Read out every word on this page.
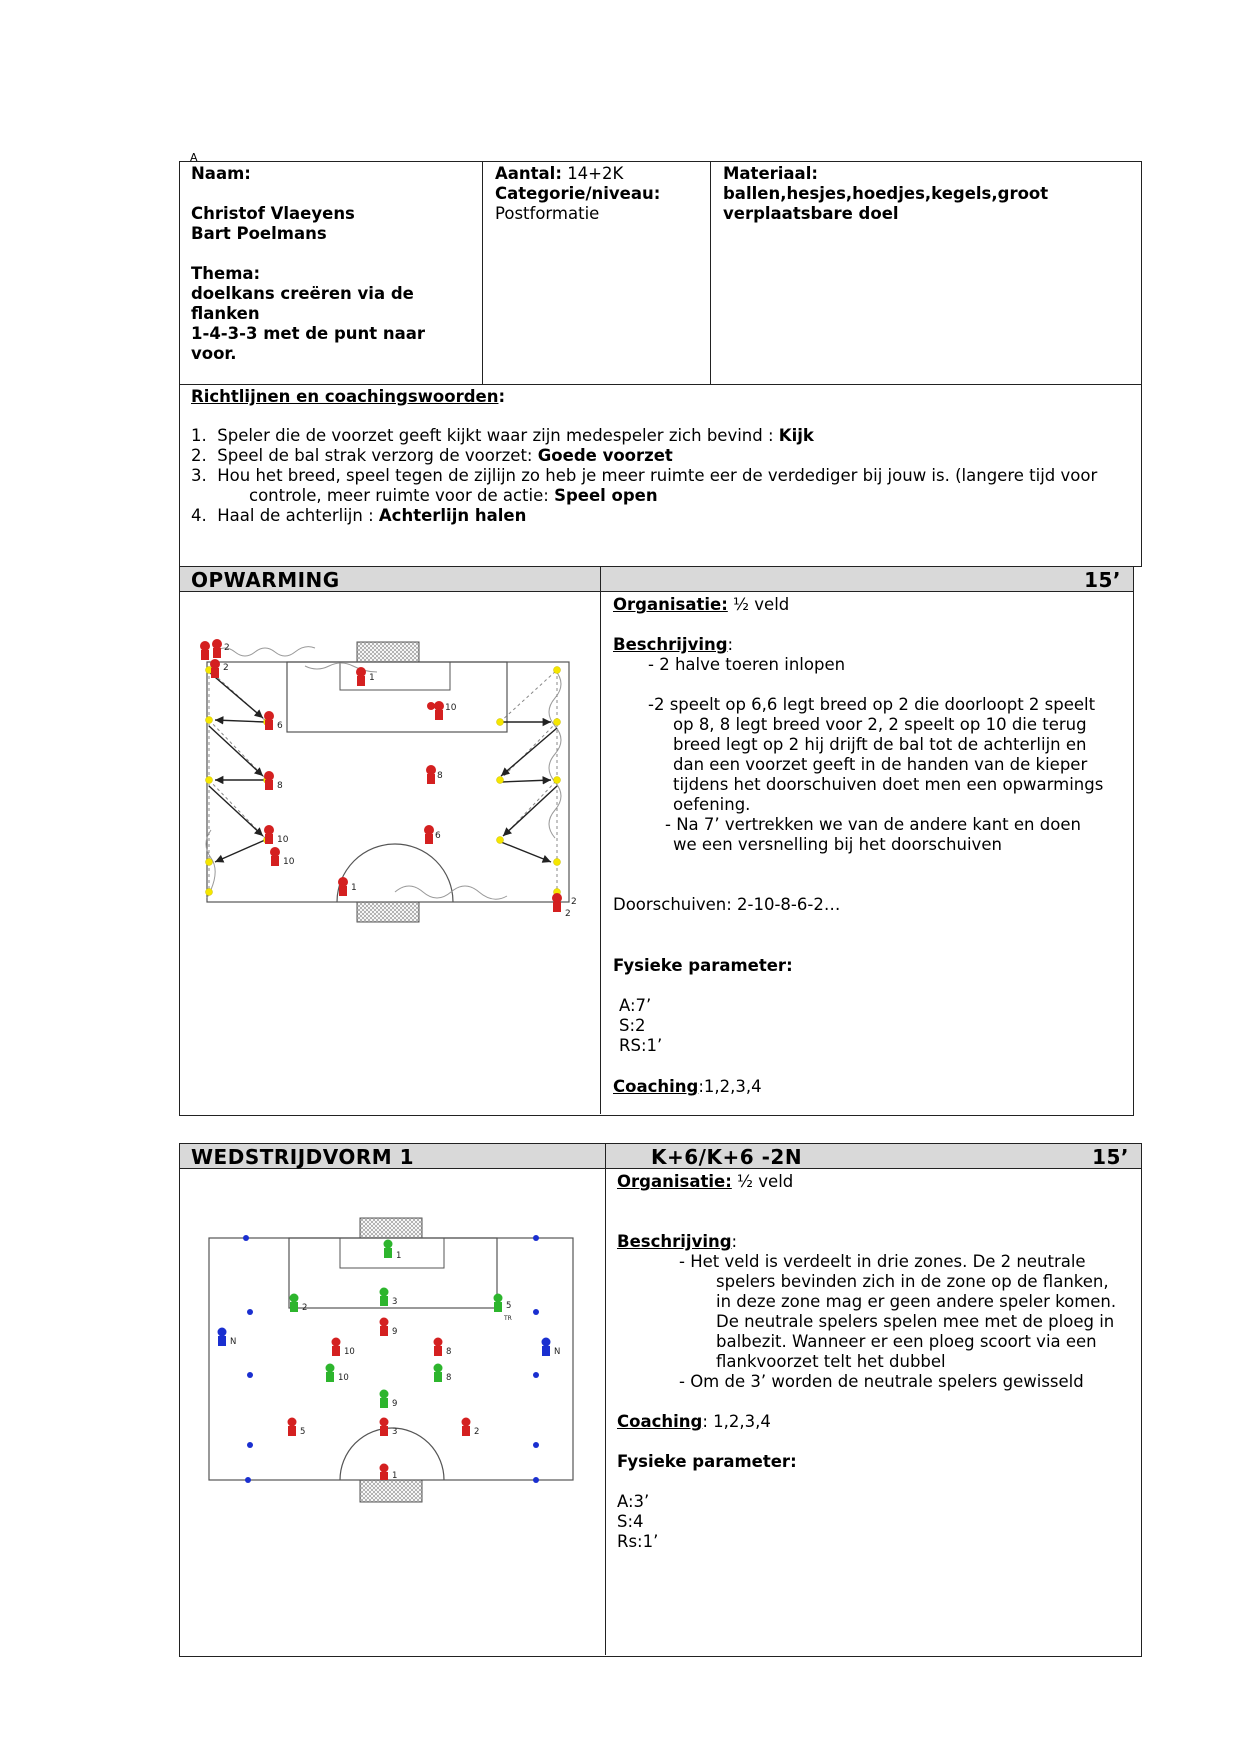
A
Naam:
Christof Vlaeyens
Bart Poelmans
Thema:
doelkans creëren via de
flanken
1-4-3-3 met de punt naar
voor.
Aantal: 14+2K
Categorie/niveau:
Postformatie
Materiaal:
ballen,hesjes,hoedjes,kegels,groot
verplaatsbare doel
Richtlijnen en coachingswoorden:
1. Speler die de voorzet geeft kijkt waar zijn medespeler zich bevind : Kijk
2. Speel de bal strak verzorg de voorzet: Goede voorzet
3. Hou het breed, speel tegen de zijlijn zo heb je meer ruimte eer de verdediger bij jouw is. (langere tijd voor
controle, meer ruimte voor de actie: Speel open
4. Haal de achterlijn : Achterlijn halen
OPWARMING	15’
2
2
1
10
6
8
10
10
8
6
1
2
2
Organisatie: ½ veld
Beschrijving:
- 2 halve toeren inlopen
-2 speelt op 6,6 legt breed op 2 die doorloopt 2 speelt
op 8, 8 legt breed voor 2, 2 speelt op 10 die terug
breed legt op 2 hij drijft de bal tot de achterlijn en
dan een voorzet geeft in de handen van de kieper
tijdens het doorschuiven doet men een opwarmings
oefening.
- Na 7’ vertrekken we van de andere kant en doen
we een versnelling bij het doorschuiven
Doorschuiven: 2-10-8-6-2…
Fysieke parameter:
A:7’
S:2
RS:1’
Coaching:1,2,3,4
WEDSTRIJDVORM 1	K+6/K+6 -2N	15’
1
2
3
9
5
TR
N
N
10	8
10	8
9
5	3	2
1
Organisatie: ½ veld
Beschrijving:
- Het veld is verdeelt in drie zones. De 2 neutrale
spelers bevinden zich in de zone op de flanken,
in deze zone mag er geen andere speler komen.
De neutrale spelers spelen mee met de ploeg in
balbezit. Wanneer er een ploeg scoort via een
flankvoorzet telt het dubbel
- Om de 3’ worden de neutrale spelers gewisseld
Coaching: 1,2,3,4
Fysieke parameter:
A:3’
S:4
Rs:1’
